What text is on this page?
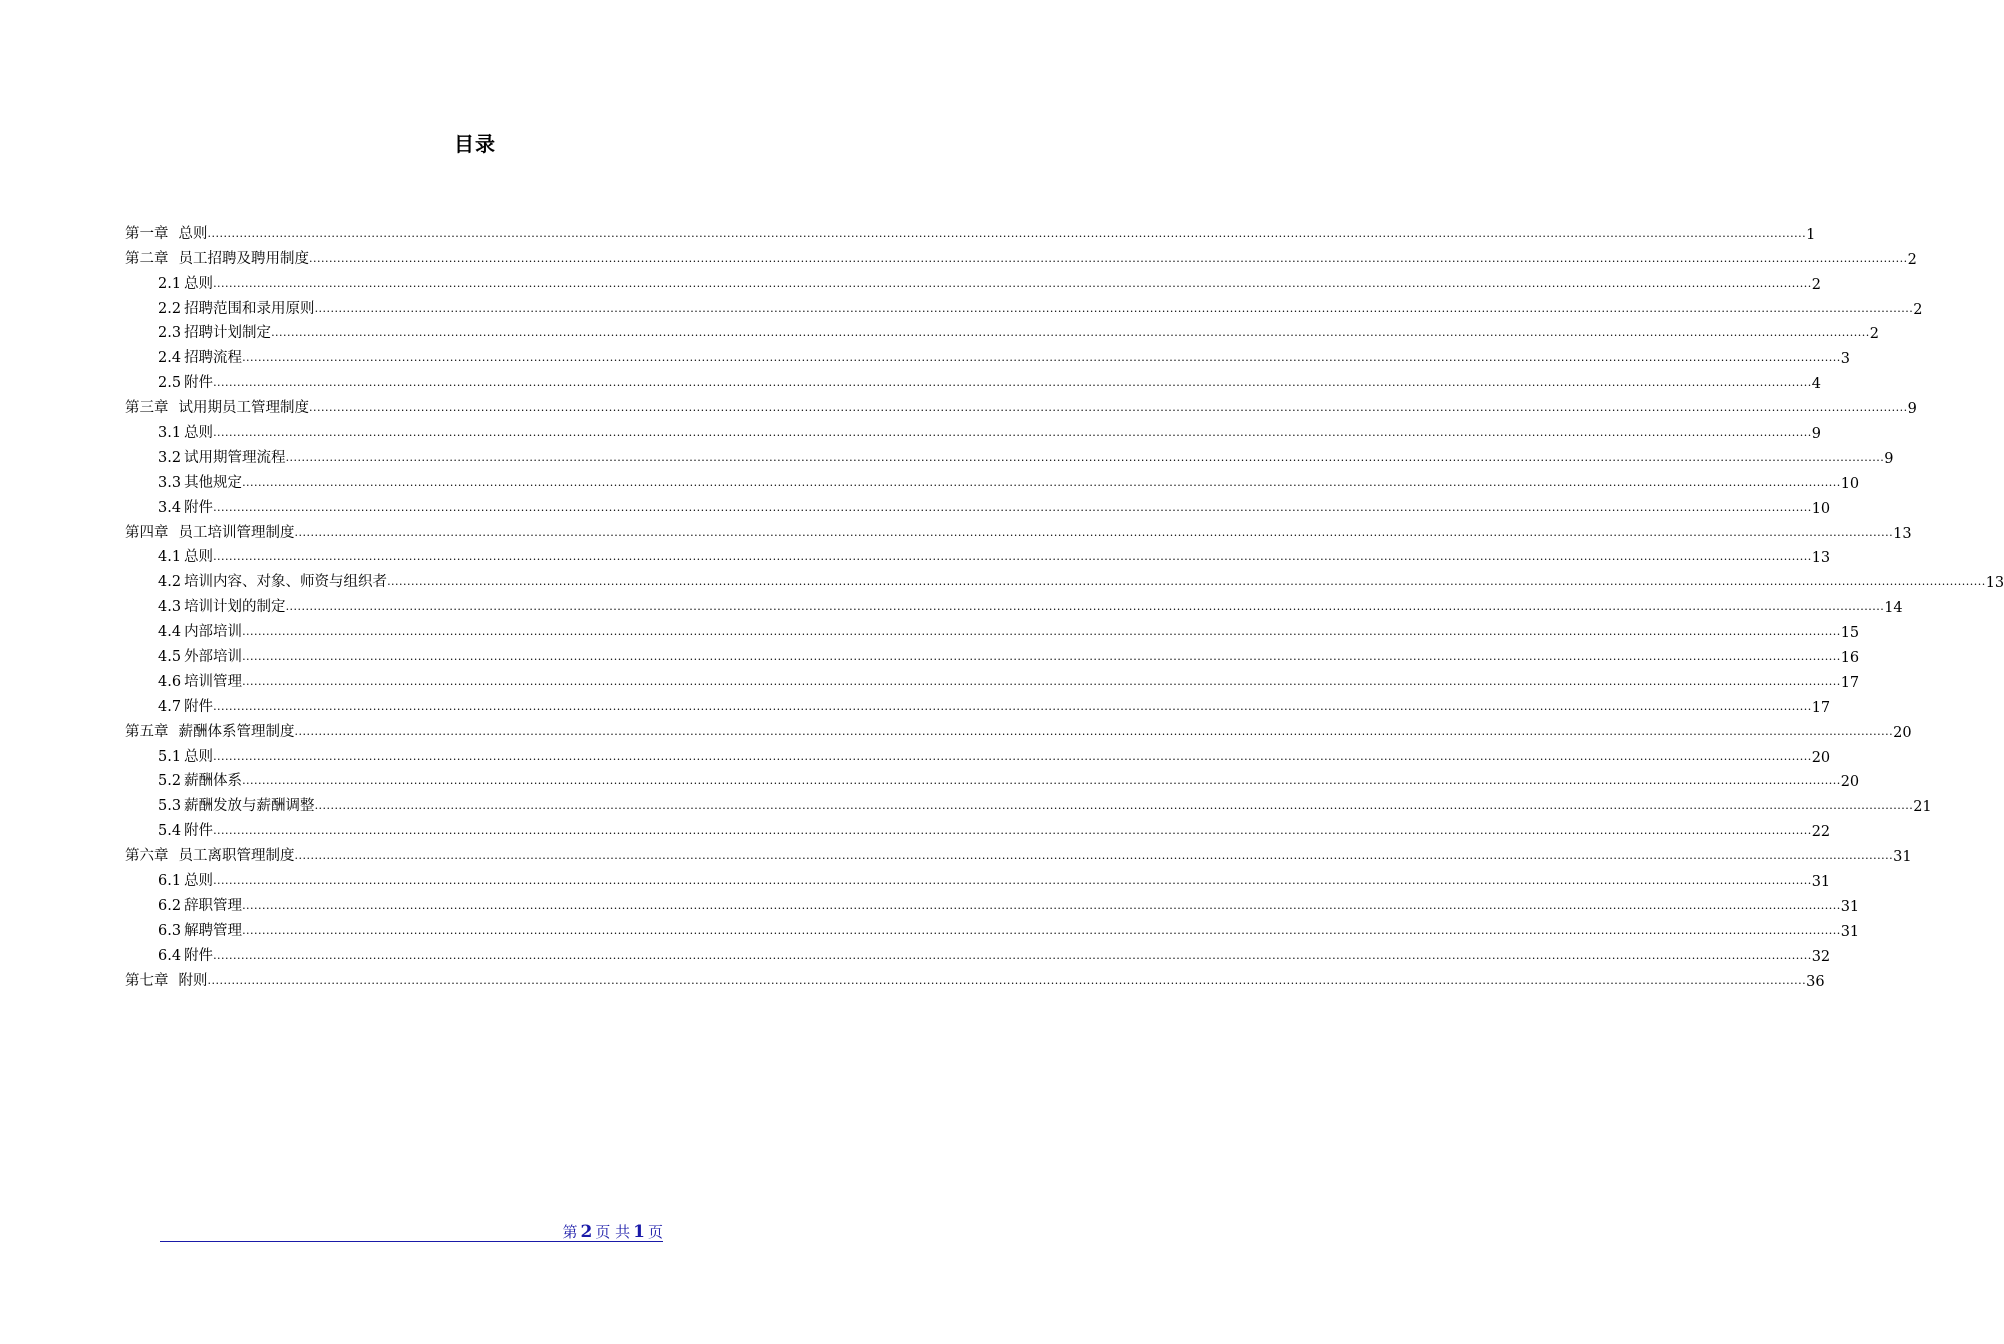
目录
第一章 总则 ................................................................................................................................................................................................................................................................................................................................................................................................................ 1
第二章 员工招聘及聘用制度 ................................................................................................................................................................................................................................................................................................................................................................................................................ 2
2.1 总则 ................................................................................................................................................................................................................................................................................................................................................................................................................ 2
2.2 招聘范围和录用原则 ................................................................................................................................................................................................................................................................................................................................................................................................................ 2
2.3 招聘计划制定 ................................................................................................................................................................................................................................................................................................................................................................................................................ 2
2.4 招聘流程 ................................................................................................................................................................................................................................................................................................................................................................................................................ 3
2.5 附件 ................................................................................................................................................................................................................................................................................................................................................................................................................ 4
第三章 试用期员工管理制度 ................................................................................................................................................................................................................................................................................................................................................................................................................ 9
3.1 总则 ................................................................................................................................................................................................................................................................................................................................................................................................................ 9
3.2 试用期管理流程 ................................................................................................................................................................................................................................................................................................................................................................................................................ 9
3.3 其他规定 ................................................................................................................................................................................................................................................................................................................................................................................................................ 10
3.4 附件 ................................................................................................................................................................................................................................................................................................................................................................................................................ 10
第四章 员工培训管理制度 ................................................................................................................................................................................................................................................................................................................................................................................................................ 13
4.1 总则 ................................................................................................................................................................................................................................................................................................................................................................................................................ 13
4.2 培训内容、对象、师资与组织者 ................................................................................................................................................................................................................................................................................................................................................................................................................ 13
4.3 培训计划的制定 ................................................................................................................................................................................................................................................................................................................................................................................................................ 14
4.4 内部培训 ................................................................................................................................................................................................................................................................................................................................................................................................................ 15
4.5 外部培训 ................................................................................................................................................................................................................................................................................................................................................................................................................ 16
4.6 培训管理 ................................................................................................................................................................................................................................................................................................................................................................................................................ 17
4.7 附件 ................................................................................................................................................................................................................................................................................................................................................................................................................ 17
第五章 薪酬体系管理制度 ................................................................................................................................................................................................................................................................................................................................................................................................................ 20
5.1 总则 ................................................................................................................................................................................................................................................................................................................................................................................................................ 20
5.2 薪酬体系 ................................................................................................................................................................................................................................................................................................................................................................................................................ 20
5.3 薪酬发放与薪酬调整 ................................................................................................................................................................................................................................................................................................................................................................................................................ 21
5.4 附件 ................................................................................................................................................................................................................................................................................................................................................................................................................ 22
第六章 员工离职管理制度 ................................................................................................................................................................................................................................................................................................................................................................................................................ 31
6.1 总则 ................................................................................................................................................................................................................................................................................................................................................................................................................ 31
6.2 辞职管理 ................................................................................................................................................................................................................................................................................................................................................................................................................ 31
6.3 解聘管理 ................................................................................................................................................................................................................................................................................................................................................................................................................ 31
6.4 附件 ................................................................................................................................................................................................................................................................................................................................................................................................................ 32
第七章 附则 ................................................................................................................................................................................................................................................................................................................................................................................................................ 36
第 2 页 共 1 页
